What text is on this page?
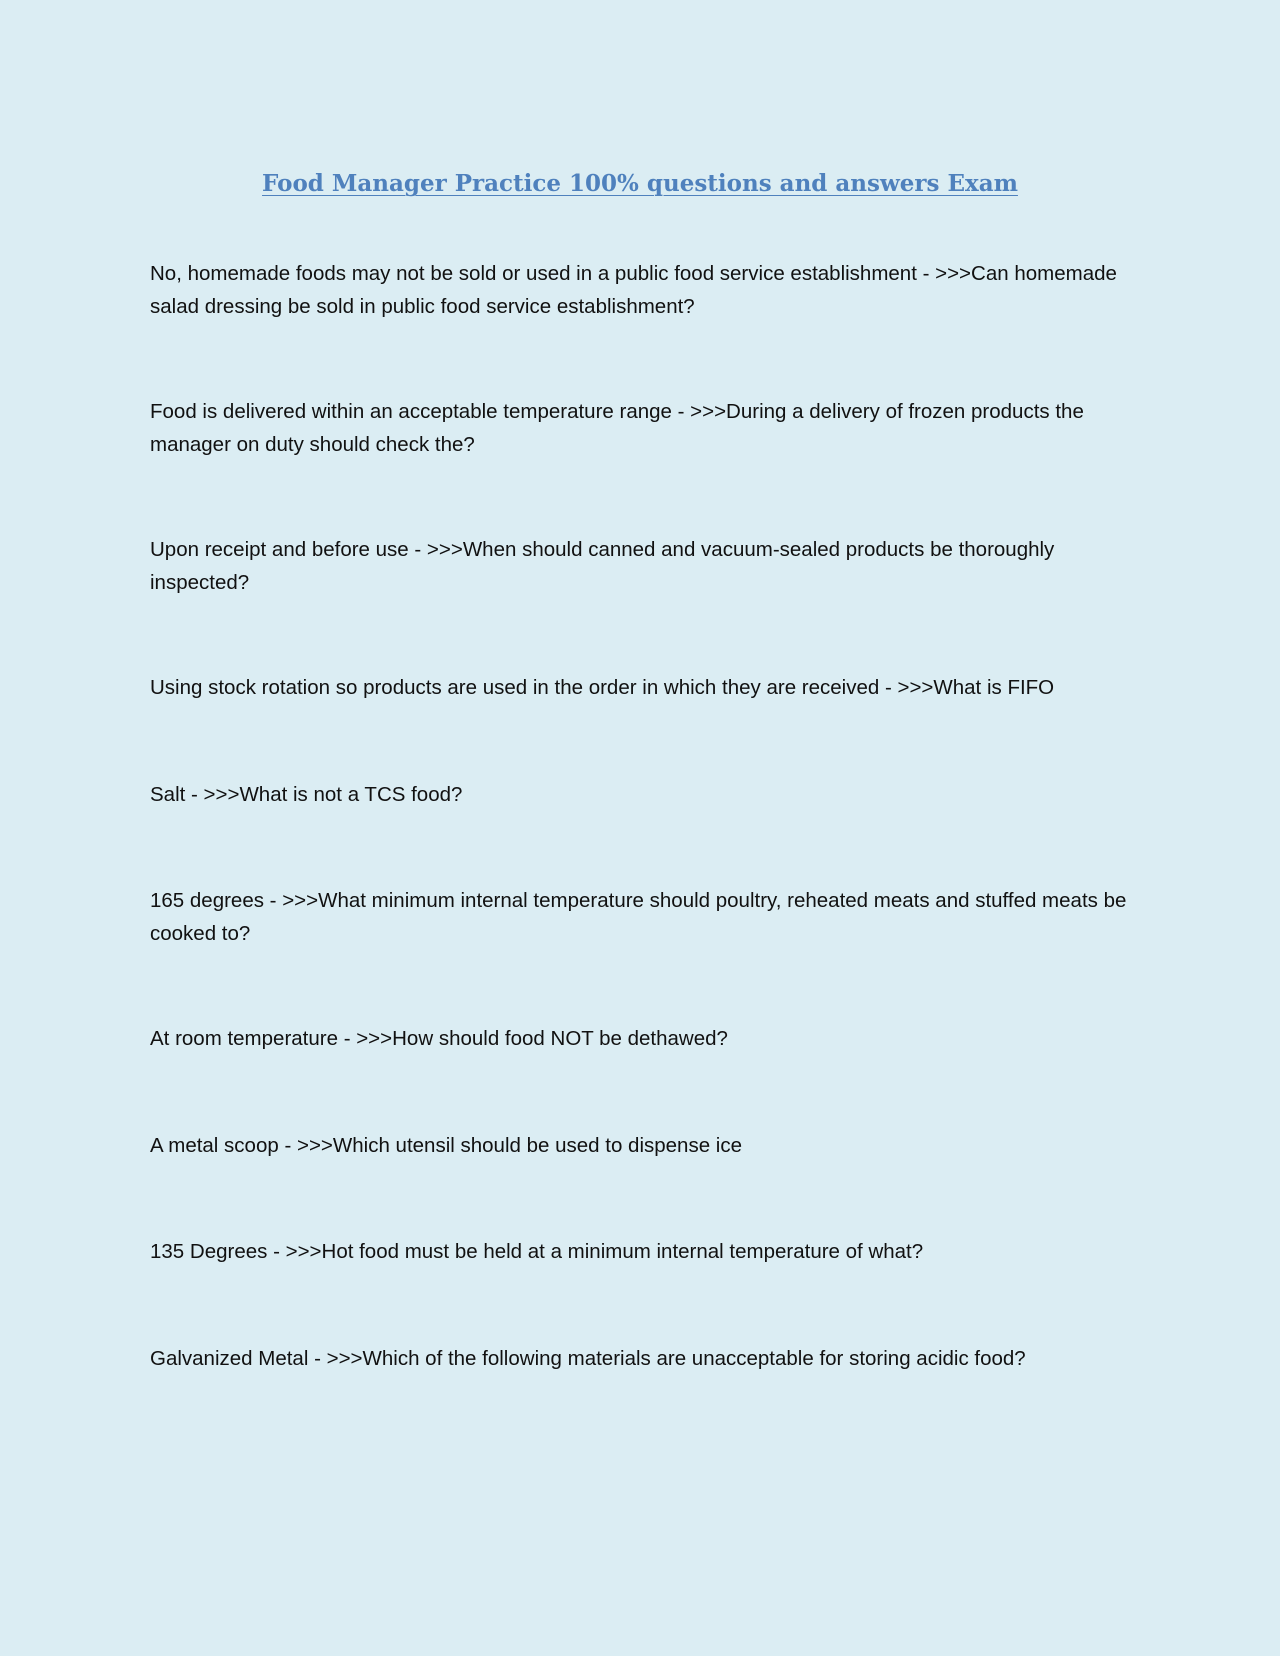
Food Manager Practice 100% questions and answers Exam
No, homemade foods may not be sold or used in a public food service establishment - >>>Can homemade salad dressing be sold in public food service establishment?
Food is delivered within an acceptable temperature range - >>>During a delivery of frozen products the manager on duty should check the?
Upon receipt and before use - >>>When should canned and vacuum-sealed products be thoroughly inspected?
Using stock rotation so products are used in the order in which they are received - >>>What is FIFO
Salt - >>>What is not a TCS food?
165 degrees - >>>What minimum internal temperature should poultry, reheated meats and stuffed meats be cooked to?
At room temperature - >>>How should food NOT be dethawed?
A metal scoop - >>>Which utensil should be used to dispense ice
135 Degrees - >>>Hot food must be held at a minimum internal temperature of what?
Galvanized Metal - >>>Which of the following materials are unacceptable for storing acidic food?
